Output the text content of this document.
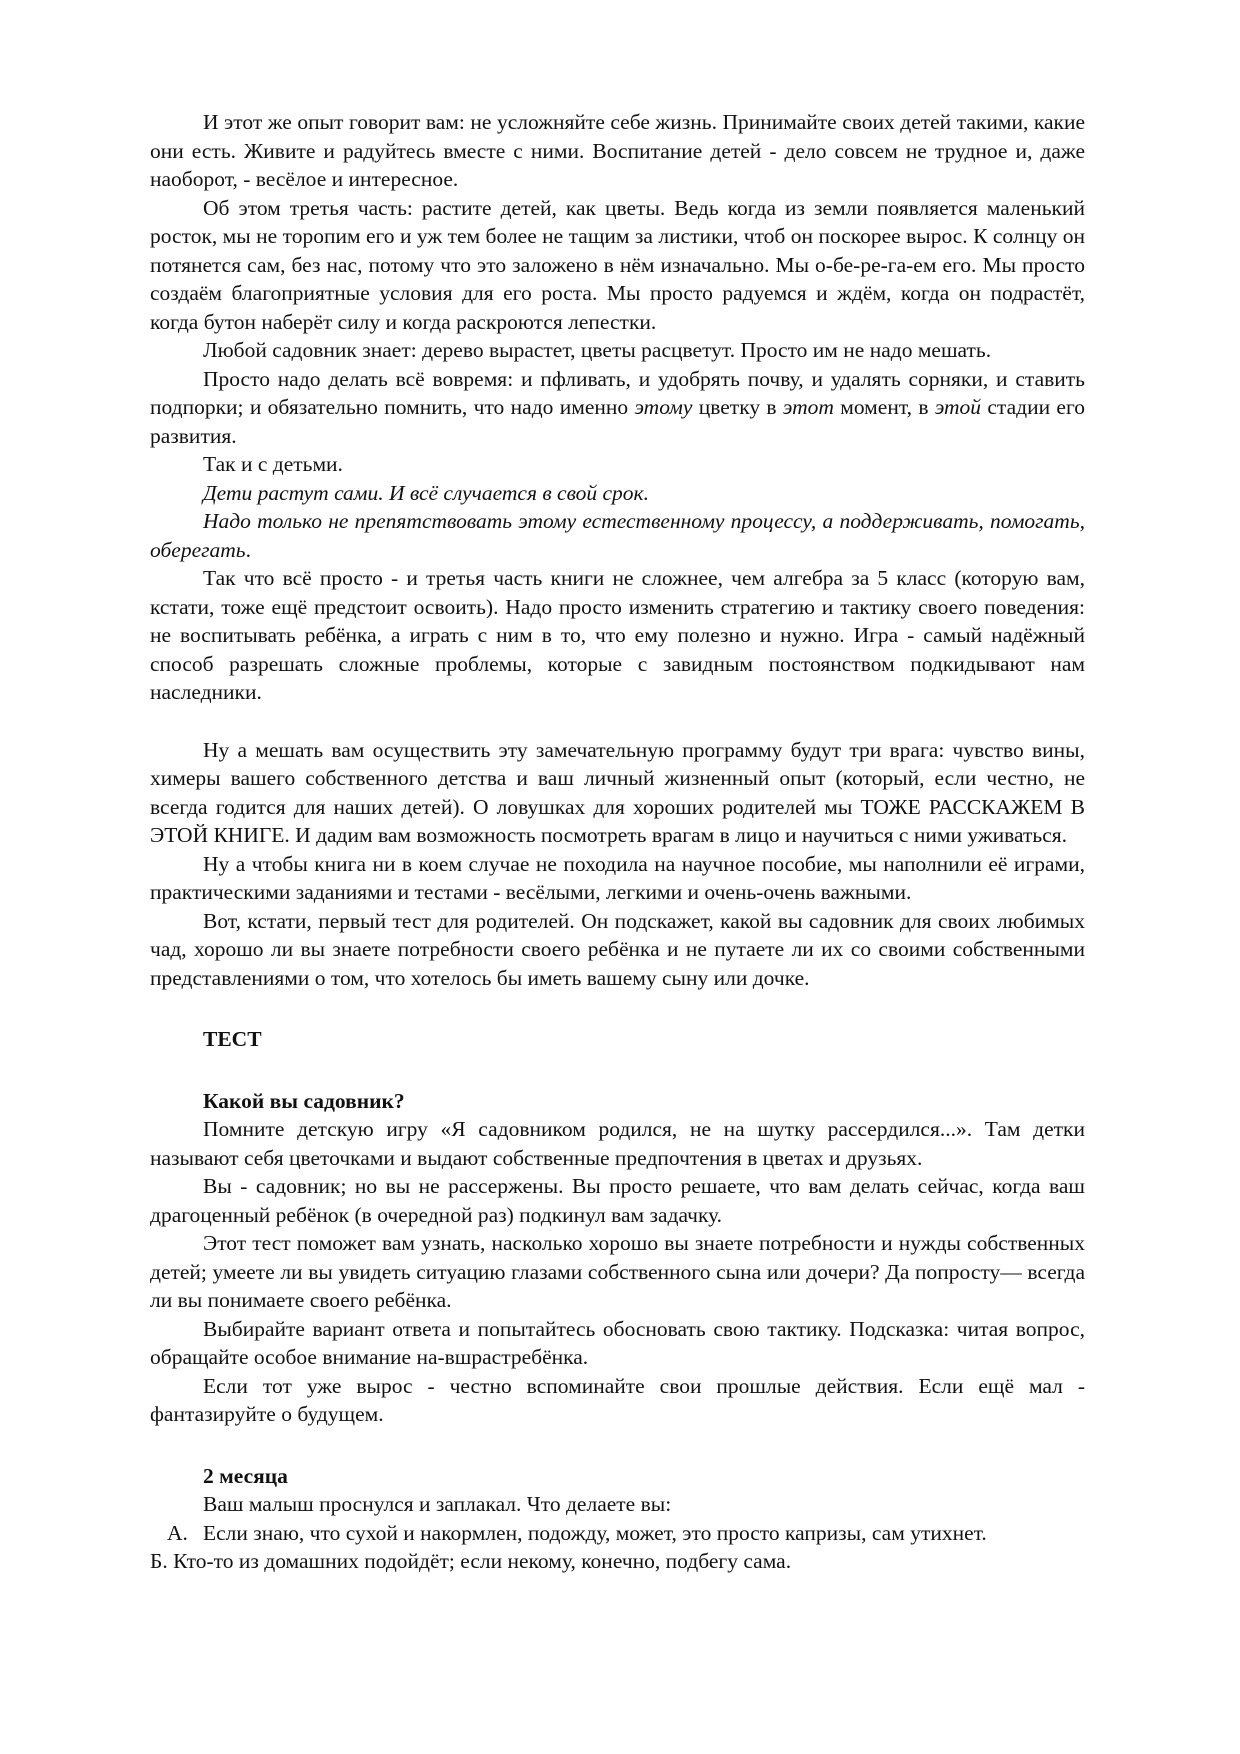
И этот же опыт говорит вам: не усложняйте себе жизнь. Принимайте своих детей такими, какие они есть. Живите и радуйтесь вместе с ними. Воспитание детей - дело совсем не трудное и, даже наоборот, - весёлое и интересное.

Об этом третья часть: растите детей, как цветы. Ведь когда из земли появляется маленький росток, мы не торопим его и уж тем более не тащим за листики, чтоб он поскорее вырос. К солнцу он потянется сам, без нас, потому что это заложено в нём изначально. Мы о-бе-ре-га-ем его. Мы просто создаём благоприятные условия для его роста. Мы просто радуемся и ждём, когда он подрастёт, когда бутон наберёт силу и когда раскроются лепестки.

Любой садовник знает: дерево вырастет, цветы расцветут. Просто им не надо мешать.

Просто надо делать всё вовремя: и пфливать, и удобрять почву, и удалять сорняки, и ставить подпорки; и обязательно помнить, что надо именно этому цветку в этот момент, в этой стадии его развития.

Так и с детьми.

Дети растут сами. И всё случается в свой срок.

Надо только не препятствовать этому естественному процессу, а поддерживать, помогать, оберегать.

Так что всё просто - и третья часть книги не сложнее, чем алгебра за 5 класс (которую вам, кстати, тоже ещё предстоит освоить). Надо просто изменить стратегию и тактику своего поведения: не воспитывать ребёнка, а играть с ним в то, что ему полезно и нужно. Игра - самый надёжный способ разрешать сложные проблемы, которые с завидным постоянством подкидывают нам наследники.

Ну а мешать вам осуществить эту замечательную программу будут три врага: чувство вины, химеры вашего собственного детства и ваш личный жизненный опыт (который, если честно, не всегда годится для наших детей). О ловушках для хороших родителей мы ТОЖЕ РАССКАЖЕМ В ЭТОЙ КНИГЕ. И дадим вам возможность посмотреть врагам в лицо и научиться с ними уживаться.

Ну а чтобы книга ни в коем случае не походила на научное пособие, мы наполнили её играми, практическими заданиями и тестами - весёлыми, легкими и очень-очень важными.

Вот, кстати, первый тест для родителей. Он подскажет, какой вы садовник для своих любимых чад, хорошо ли вы знаете потребности своего ребёнка и не путаете ли их со своими собственными представлениями о том, что хотелось бы иметь вашему сыну или дочке.

ТЕСТ

Какой вы садовник?

Помните детскую игру «Я садовником родился, не на шутку рассердился...». Там детки называют себя цветочками и выдают собственные предпочтения в цветах и друзьях.

Вы - садовник; но вы не рассержены. Вы просто решаете, что вам делать сейчас, когда ваш драгоценный ребёнок (в очередной раз) подкинул вам задачку.

Этот тест поможет вам узнать, насколько хорошо вы знаете потребности и нужды собственных детей; умеете ли вы увидеть ситуацию глазами собственного сына или дочери? Да попросту— всегда ли вы понимаете своего ребёнка.

Выбирайте вариант ответа и попытайтесь обосновать свою тактику. Подсказка: читая вопрос, обращайте особое внимание на-вшрастребёнка.

Если тот уже вырос - честно вспоминайте свои прошлые действия. Если ещё мал - фантазируйте о будущем.

2 месяца

Ваш малыш проснулся и заплакал. Что делаете вы:

А. Если знаю, что сухой и накормлен, подожду, может, это просто капризы, сам утихнет.

Б. Кто-то из домашних подойдёт; если некому, конечно, подбегу сама.
